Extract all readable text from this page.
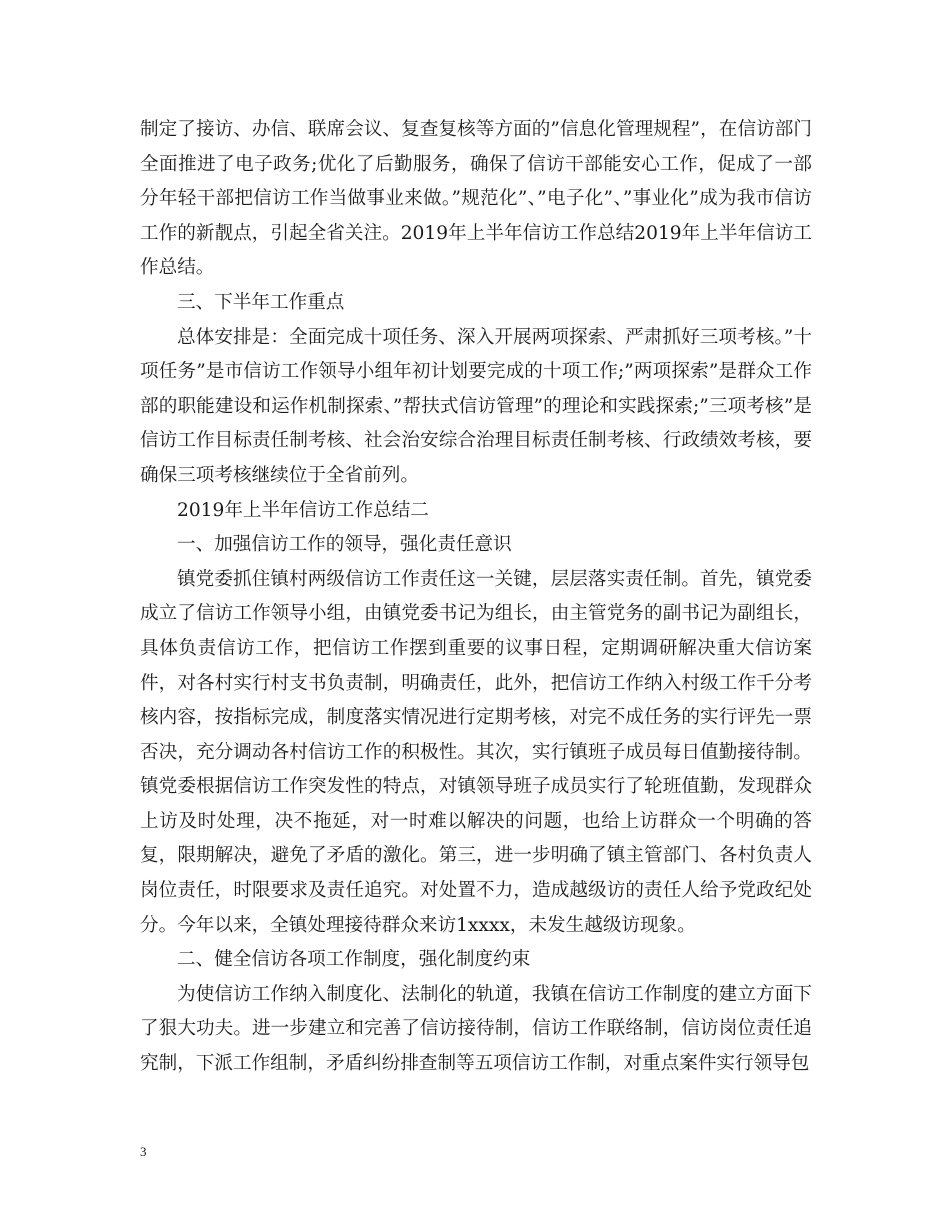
制定了接访、办信、联席会议、复查复核等方面的”信息化管理规程”，在信访部门全面推进了电子政务;优化了后勤服务，确保了信访干部能安心工作，促成了一部分年轻干部把信访工作当做事业来做。”规范化”、”电子化”、”事业化”成为我市信访工作的新靓点，引起全省关注。2019年上半年信访工作总结2019年上半年信访工作总结。

三、下半年工作重点

总体安排是：全面完成十项任务、深入开展两项探索、严肃抓好三项考核。”十项任务”是市信访工作领导小组年初计划要完成的十项工作;”两项探索”是群众工作部的职能建设和运作机制探索、”帮扶式信访管理”的理论和实践探索;”三项考核”是信访工作目标责任制考核、社会治安综合治理目标责任制考核、行政绩效考核，要确保三项考核继续位于全省前列。

2019年上半年信访工作总结二

一、加强信访工作的领导，强化责任意识

镇党委抓住镇村两级信访工作责任这一关键，层层落实责任制。首先，镇党委成立了信访工作领导小组，由镇党委书记为组长，由主管党务的副书记为副组长，具体负责信访工作，把信访工作摆到重要的议事日程，定期调研解决重大信访案件，对各村实行村支书负责制，明确责任，此外，把信访工作纳入村级工作千分考核内容，按指标完成，制度落实情况进行定期考核，对完不成任务的实行评先一票否决，充分调动各村信访工作的积极性。其次，实行镇班子成员每日值勤接待制。镇党委根据信访工作突发性的特点，对镇领导班子成员实行了轮班值勤，发现群众上访及时处理，决不拖延，对一时难以解决的问题，也给上访群众一个明确的答复，限期解决，避免了矛盾的激化。第三，进一步明确了镇主管部门、各村负责人岗位责任，时限要求及责任追究。对处置不力，造成越级访的责任人给予党政纪处分。今年以来，全镇处理接待群众来访1xxxx，未发生越级访现象。

二、健全信访各项工作制度，强化制度约束

为使信访工作纳入制度化、法制化的轨道，我镇在信访工作制度的建立方面下了狠大功夫。进一步建立和完善了信访接待制，信访工作联络制，信访岗位责任追究制，下派工作组制，矛盾纠纷排查制等五项信访工作制，对重点案件实行领导包

3
